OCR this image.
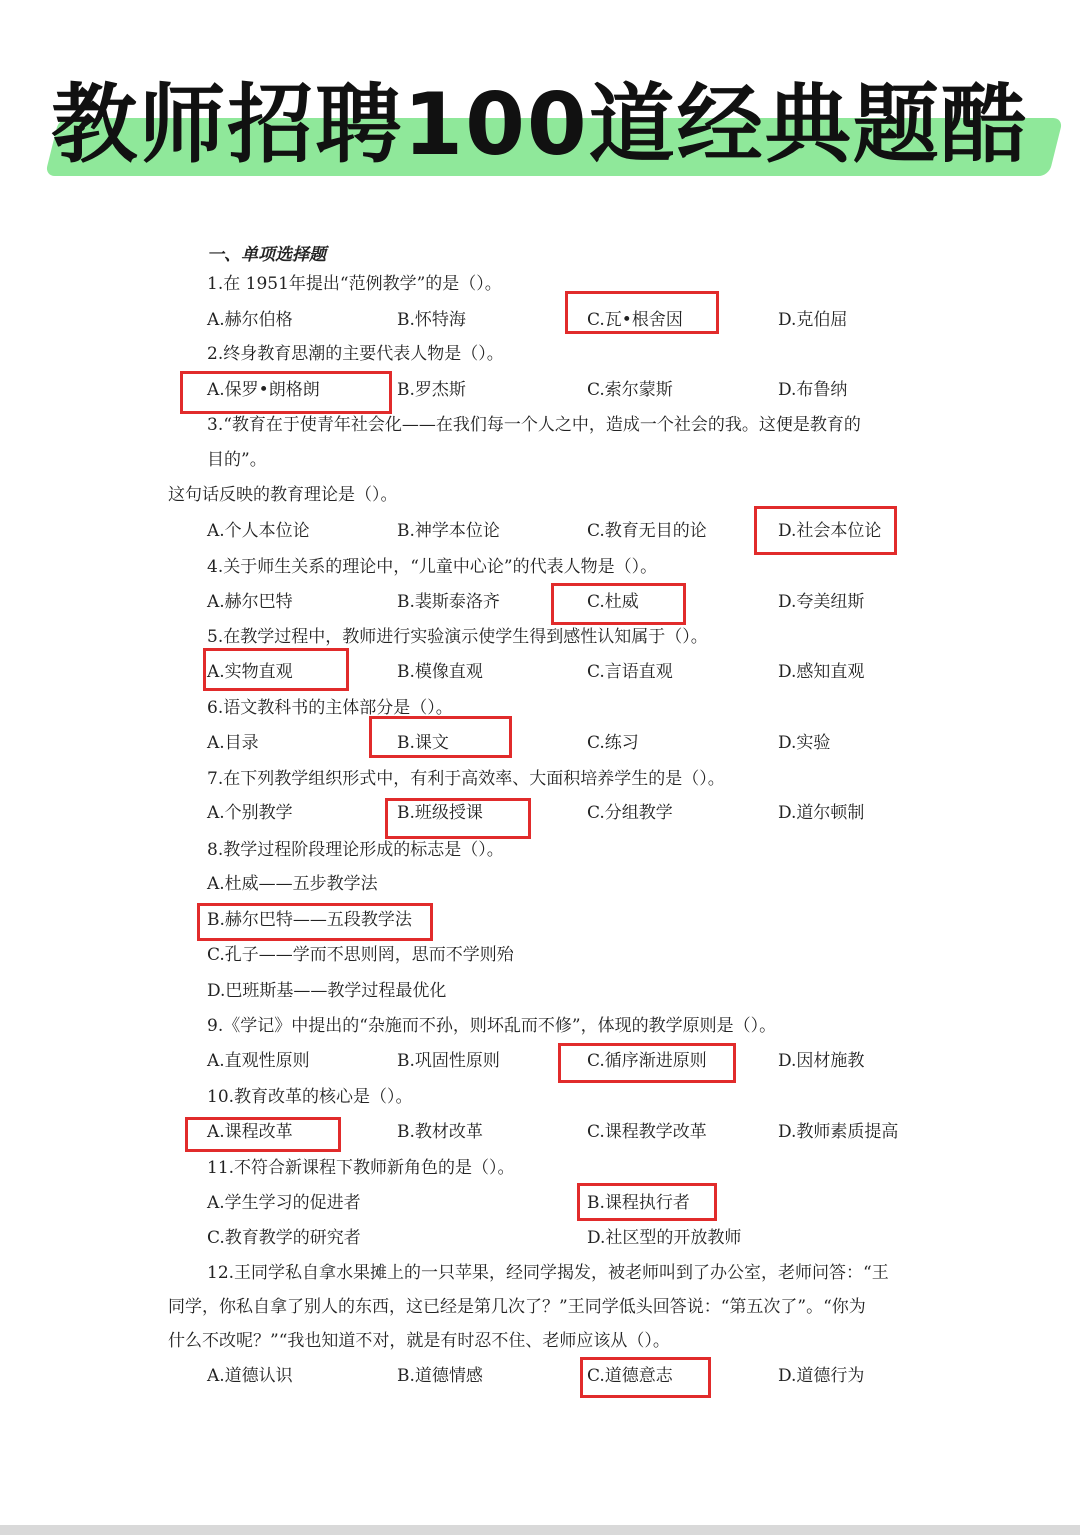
教师招聘100道经典题酷
一、单项选择题
1.在 1951年提出“范例教学”的是（）。
A.赫尔伯格	B.怀特海	C.瓦•根舍因	D.克伯屈
2.终身教育思潮的主要代表人物是（）。
A.保罗•朗格朗	B.罗杰斯	C.索尔蒙斯	D.布鲁纳
3.“教育在于使青年社会化——在我们每一个人之中，造成一个社会的我。这便是教育的
目的”。
这句话反映的教育理论是（）。
A.个人本位论	B.神学本位论	C.教育无目的论	D.社会本位论
4.关于师生关系的理论中，“儿童中心论”的代表人物是（）。
A.赫尔巴特	B.裴斯泰洛齐	C.杜威	D.夸美纽斯
5.在教学过程中，教师进行实验演示使学生得到感性认知属于（）。
A.实物直观	B.模像直观	C.言语直观	D.感知直观
6.语文教科书的主体部分是（）。
A.目录	B.课文	C.练习	D.实验
7.在下列教学组织形式中，有利于高效率、大面积培养学生的是（）。
A.个别教学	B.班级授课	C.分组教学	D.道尔顿制
8.教学过程阶段理论形成的标志是（）。
A.杜威——五步教学法
B.赫尔巴特——五段教学法
C.孔子——学而不思则罔，思而不学则殆
D.巴班斯基——教学过程最优化
9.《学记》中提出的“杂施而不孙，则坏乱而不修”，体现的教学原则是（）。
A.直观性原则	B.巩固性原则	C.循序渐进原则	D.因材施教
10.教育改革的核心是（）。
A.课程改革	B.教材改革	C.课程教学改革	D.教师素质提高
11.不符合新课程下教师新角色的是（）。
A.学生学习的促进者	B.课程执行者
C.教育教学的研究者	D.社区型的开放教师
12.王同学私自拿水果摊上的一只苹果，经同学揭发，被老师叫到了办公室，老师问答：“王
同学，你私自拿了别人的东西，这已经是第几次了？”王同学低头回答说：“第五次了”。“你为
什么不改呢？”“我也知道不对，就是有时忍不住、老师应该从（）。
A.道德认识	B.道德情感	C.道德意志	D.道德行为
